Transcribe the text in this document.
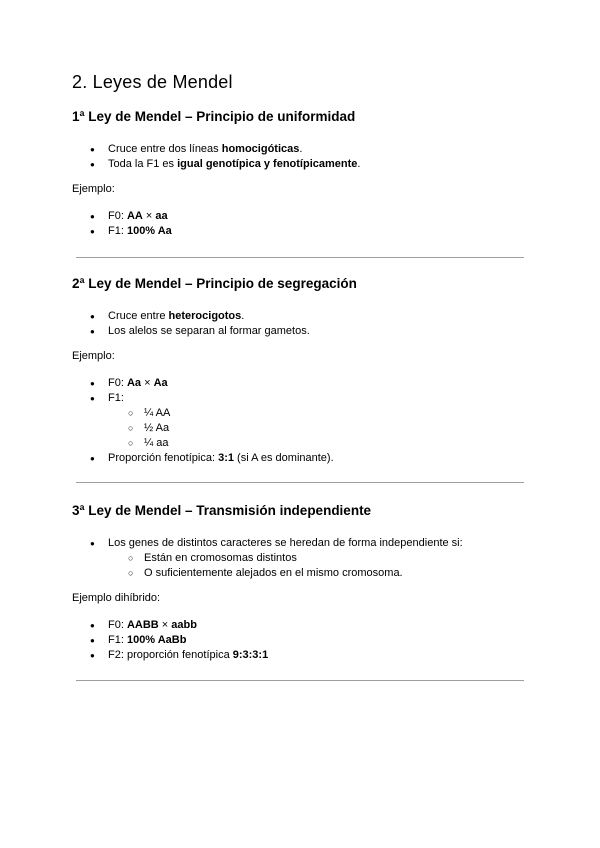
2. Leyes de Mendel
1ª Ley de Mendel – Principio de uniformidad
● Cruce entre dos líneas homocigóticas.
● Toda la F1 es igual genotípica y fenotípicamente.

Ejemplo:

● F0: AA × aa
● F1: 100% Aa
2ª Ley de Mendel – Principio de segregación
● Cruce entre heterocigotos.
● Los alelos se separan al formar gametos.

Ejemplo:

● F0: Aa × Aa
● F1:
○ ¼ AA
○ ½ Aa
○ ¼ aa
● Proporción fenotípica: 3:1 (si A es dominante).
3ª Ley de Mendel – Transmisión independiente
● Los genes de distintos caracteres se heredan de forma independiente si:
○ Están en cromosomas distintos
○ O suficientemente alejados en el mismo cromosoma.

Ejemplo dihíbrido:

● F0: AABB × aabb
● F1: 100% AaBb
● F2: proporción fenotípica 9:3:3:1
